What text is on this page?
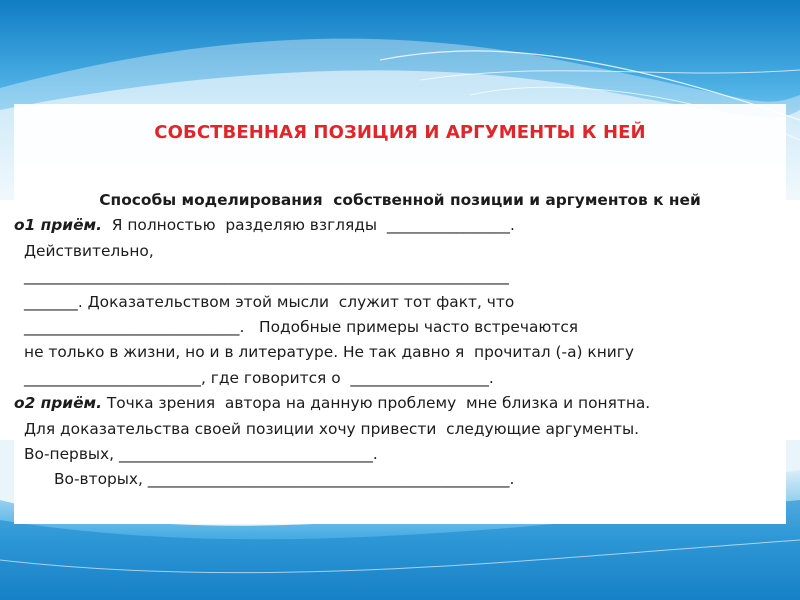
СОБСТВЕННАЯ ПОЗИЦИЯ И АРГУМЕНТЫ К НЕЙ
Способы моделирования  собственной позиции и аргументов к ней
o1 приём.  Я полностью  разделяю взгляды  ________________.
Действительно,
_______________________________________________________________
_______. Доказательством этой мысли  служит тот факт, что
____________________________.   Подобные примеры часто встречаются
не только в жизни, но и в литературе. Не так давно я  прочитал (-а) книгу
_______________________, где говорится о  __________________.
o2 приём. Точка зрения  автора на данную проблему  мне близка и понятна.
Для доказательства своей позиции хочу привести  следующие аргументы.
Во-первых, _________________________________.
Во-вторых, _______________________________________________.
